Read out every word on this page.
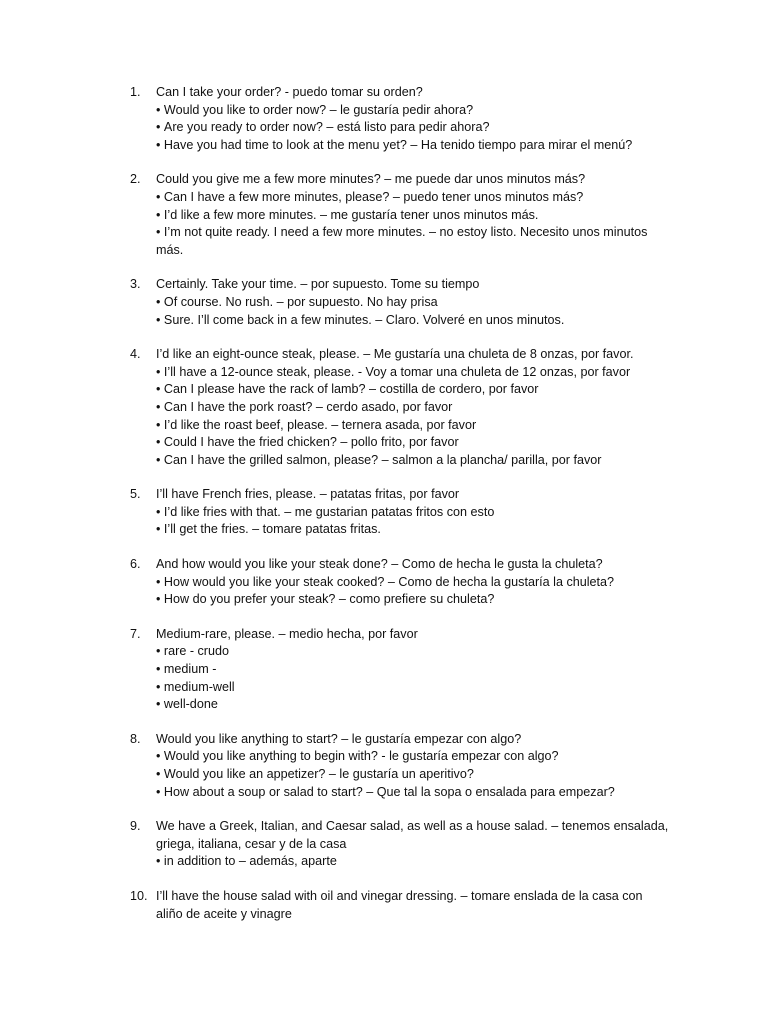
1.	Can I take your order? - puedo tomar su orden?
• Would you like to order now? – le gustaría pedir ahora?
• Are you ready to order now? – está listo para pedir ahora?
• Have you had time to look at the menu yet? – Ha tenido tiempo para mirar el menú?
2.	Could you give me a few more minutes? – me puede dar unos minutos más?
• Can I have a few more minutes, please? – puedo tener unos minutos más?
• I’d like a few more minutes. – me gustaría tener unos minutos más.
• I’m not quite ready. I need a few more minutes. – no estoy listo. Necesito unos minutos más.
3.	Certainly. Take your time. – por supuesto. Tome su tiempo
• Of course. No rush. – por supuesto. No hay prisa
• Sure. I’ll come back in a few minutes. – Claro. Volveré en unos minutos.
4.	I’d like an eight-ounce steak, please. – Me gustaría una chuleta de 8 onzas, por favor.
• I’ll have a 12-ounce steak, please. - Voy a tomar una chuleta de 12 onzas, por favor
• Can I please have the rack of lamb? – costilla de cordero, por favor
• Can I have the pork roast? – cerdo asado, por favor
• I’d like the roast beef, please. – ternera asada, por favor
• Could I have the fried chicken? – pollo frito, por favor
• Can I have the grilled salmon, please? – salmon a la plancha/ parilla, por favor
5.	I’ll have French fries, please. – patatas fritas, por favor
• I’d like fries with that. – me gustarian patatas fritos con esto
• I’ll get the fries. – tomare patatas fritas.
6.	And how would you like your steak done? – Como de hecha le gusta la chuleta?
• How would you like your steak cooked? – Como de hecha la gustaría la chuleta?
• How do you prefer your steak? – como prefiere su chuleta?
7.	Medium-rare, please. – medio hecha, por favor
• rare - crudo
• medium -
• medium-well
• well-done
8.	Would you like anything to start? – le gustaría empezar con algo?
• Would you like anything to begin with? - le gustaría empezar con algo?
• Would you like an appetizer? – le gustaría un aperitivo?
• How about a soup or salad to start? – Que tal la sopa o ensalada para empezar?
9.	We have a Greek, Italian, and Caesar salad, as well as a house salad. – tenemos ensalada, griega, italiana, cesar y de la casa
• in addition to – además, aparte
10. I’ll have the house salad with oil and vinegar dressing. – tomare enslada de la casa con aliño de aceite y vinagre
